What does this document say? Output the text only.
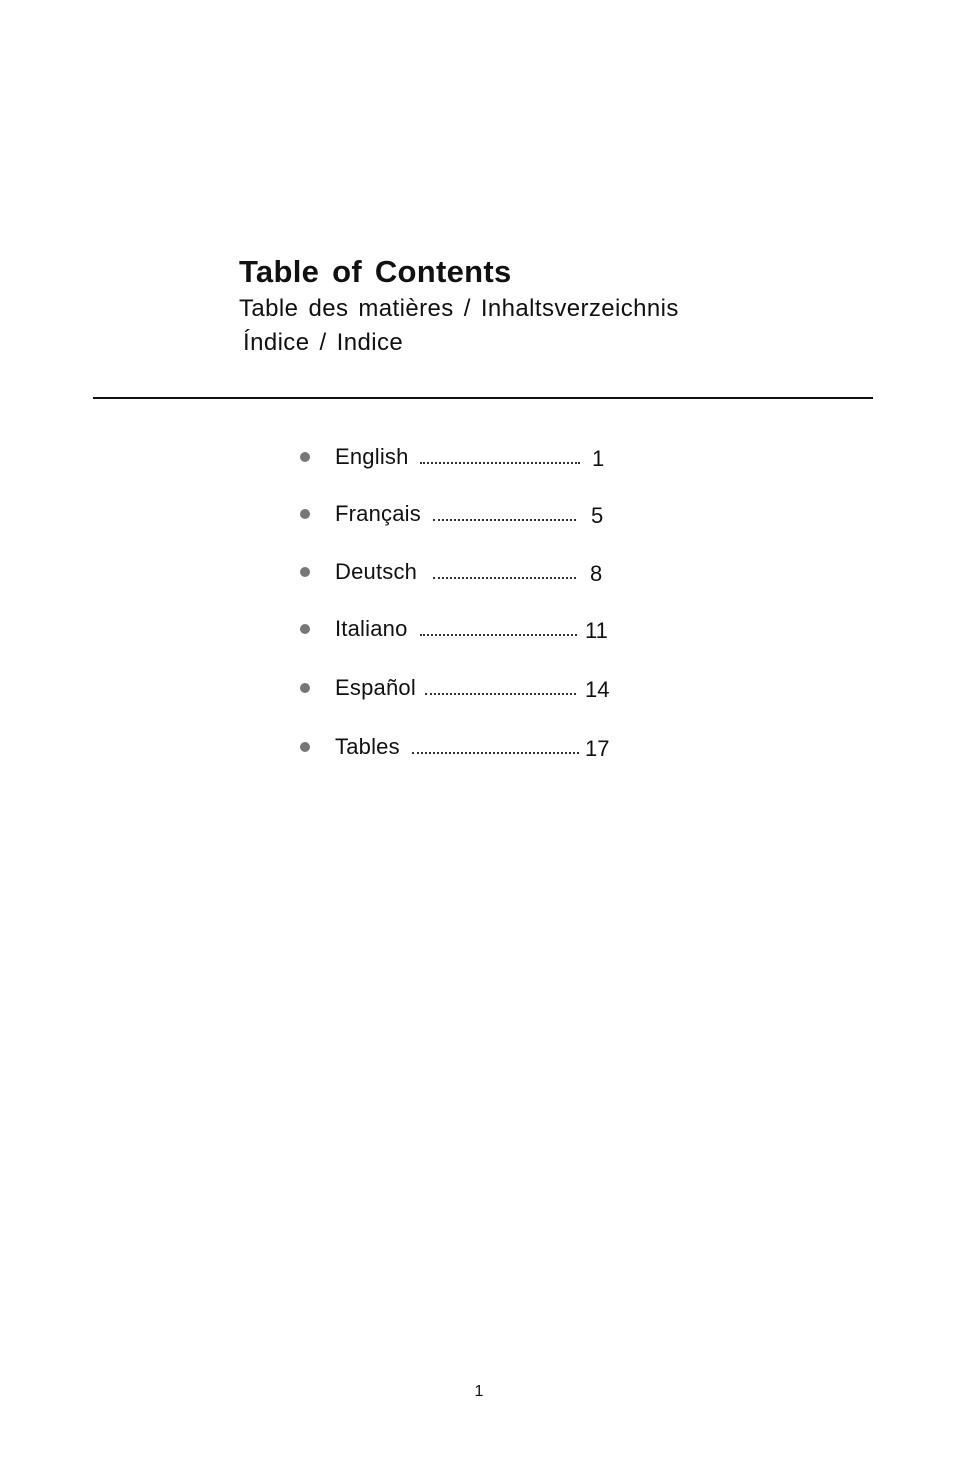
Table of Contents
Table des matières / Inhaltsverzeichnis
Índice / Indice
English	1
Français	5
Deutsch	8
Italiano	11
Español	14
Tables	17
1
